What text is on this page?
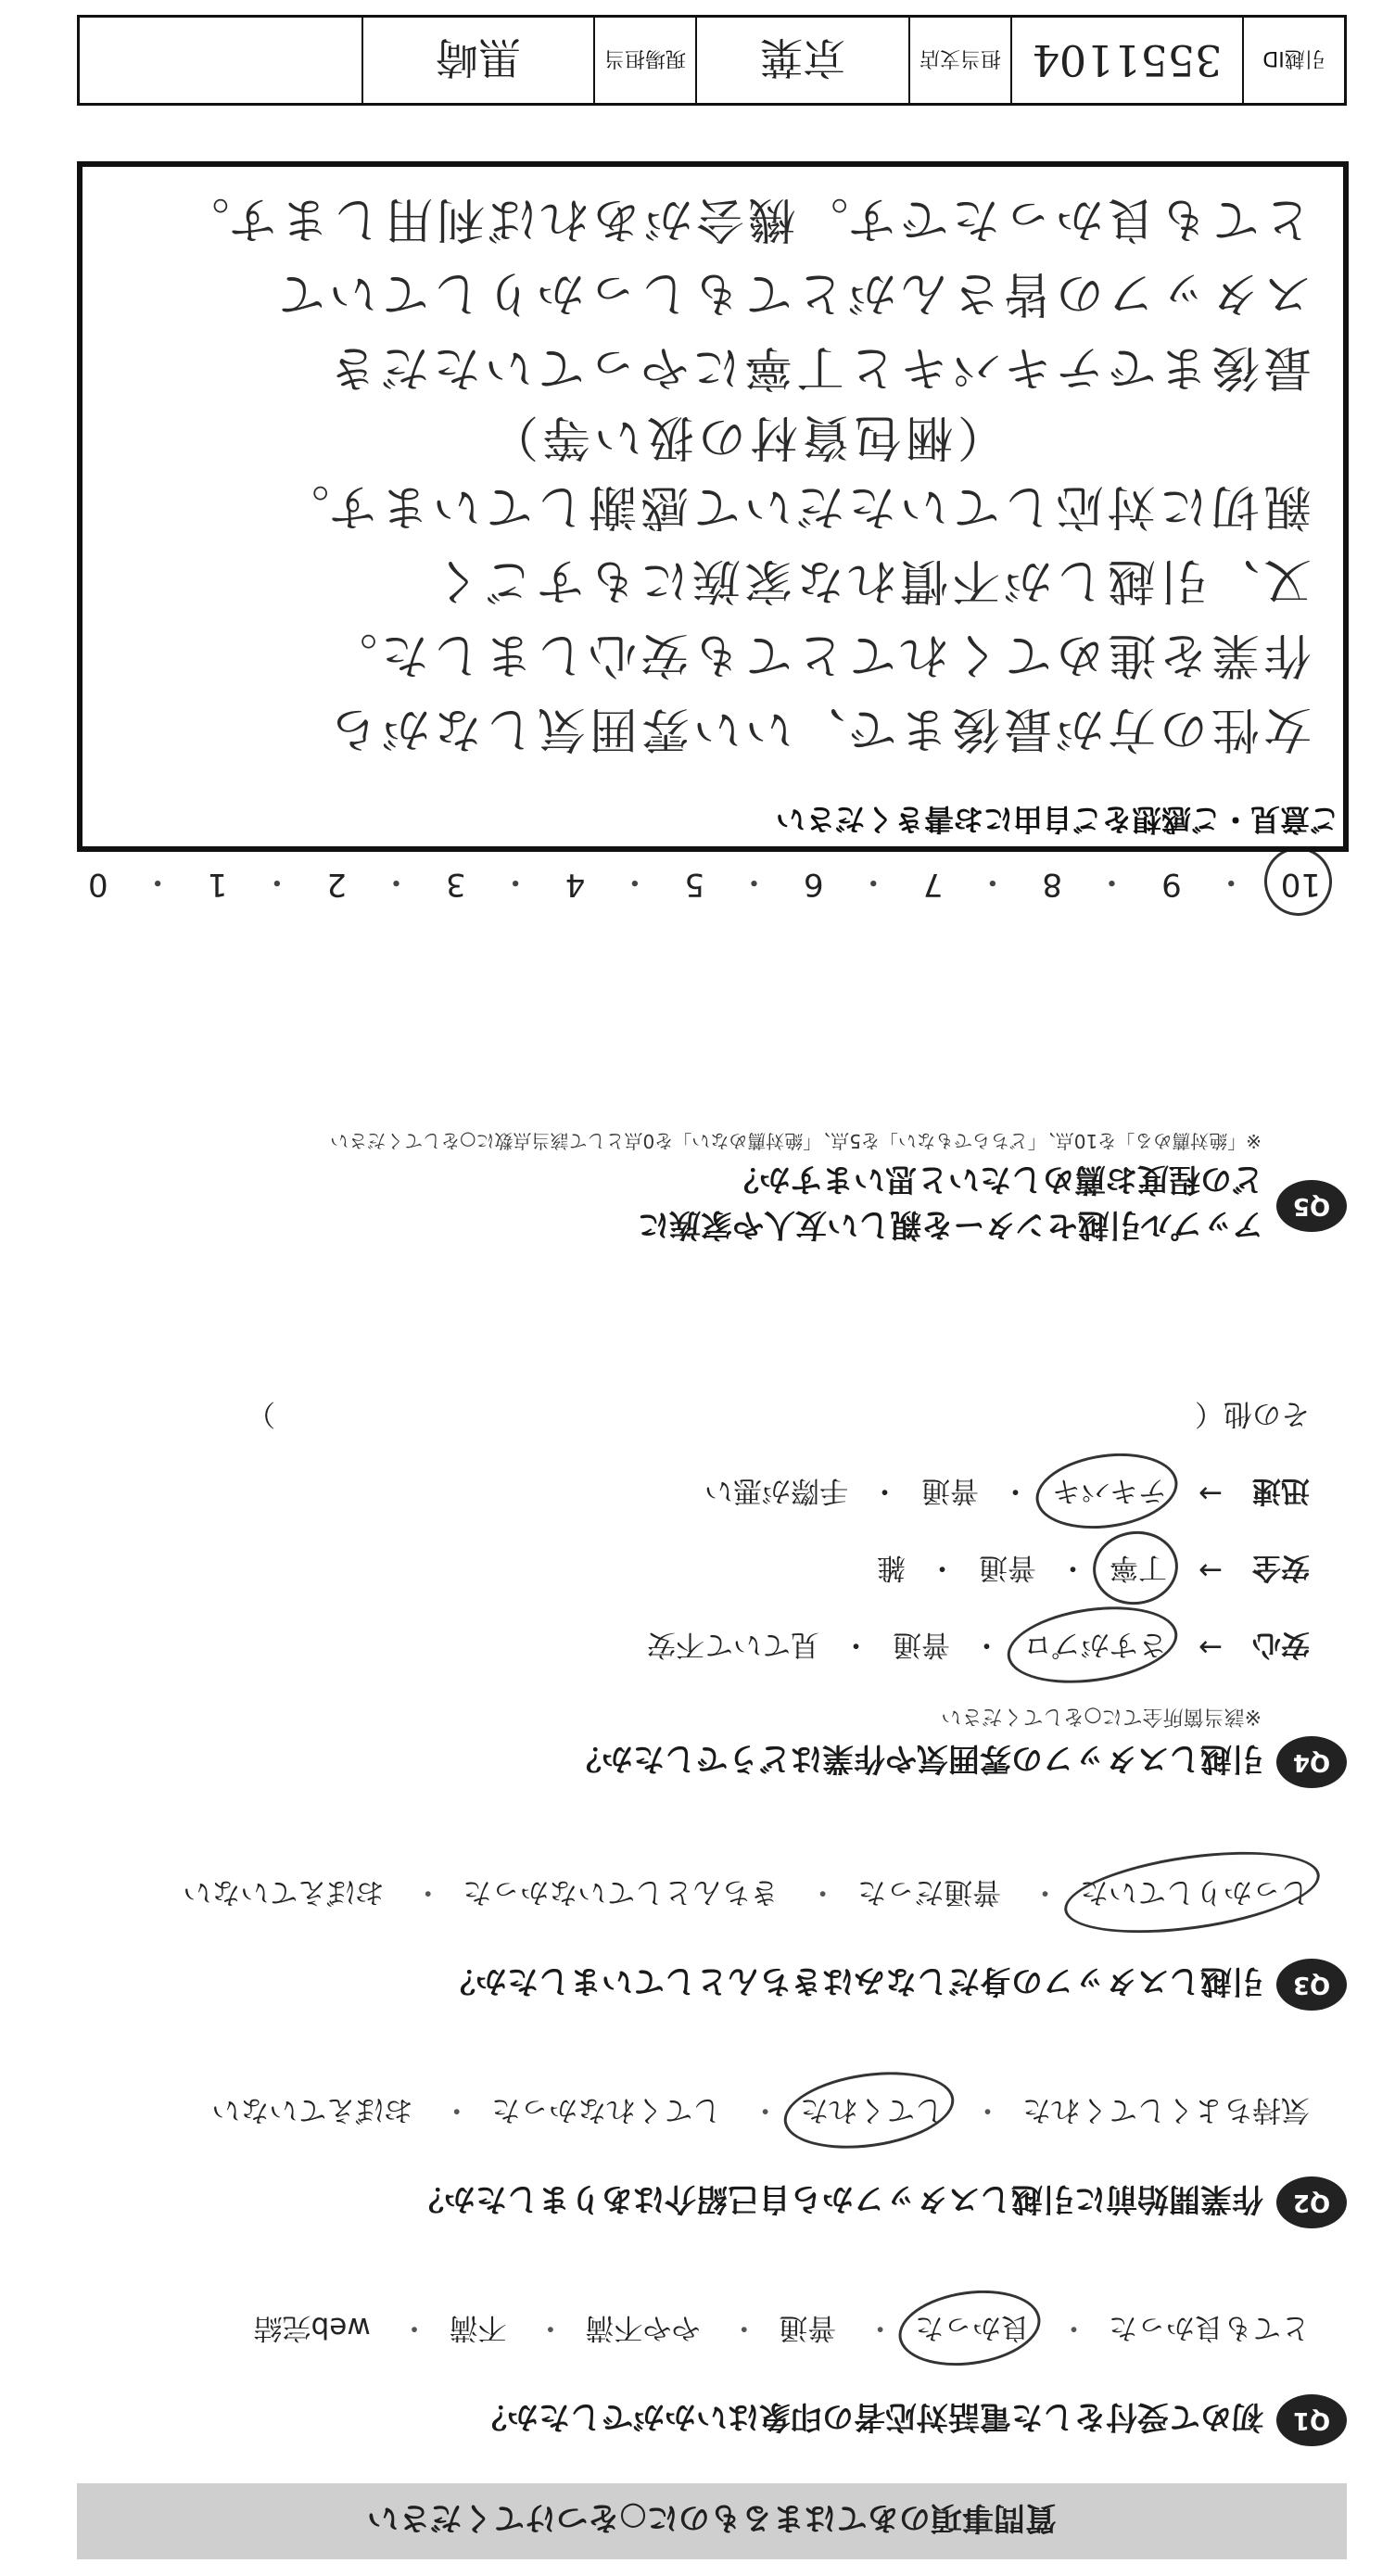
質問事項のあてはまるものに○をつけてください
Q1
初めて受付をした電話対応者の印象はいかがでしたか？
とても良かった・ 良かった・ 普通・ やや不満・ 不満・ web完結
Q2
作業開始前に引越しスタッフから自己紹介はありましたか？
気持ちよくしてくれた・ してくれた・ してくれなかった・ おぼえていない
Q3
引越しスタッフの身だしなみはきちんとしていましたか？
しっかりしていた・ 普通だった・ きちんとしていなかった・ おぼえていない
Q4
引越しスタッフの雰囲気や作業はどうでしたか？
※該当箇所全てに○をしてください
安心
→
さすがプロ
・
普通
・
見ていて不安
安全
→
丁寧
・
普通
・
雑
迅速
→
テキパキ
・
普通
・
手際が悪い
その他（　　　　　　　　　　　　　　　　　　　　　　　　　　　　　　　　）
Q5
アップル引越センターを親しい友人や家族に
どの程度お薦めしたいと思いますか？
※「絶対薦める」を10点、「どちらでもない」を5点、「絶対薦めない」を0点として該当点数に○をしてください
10
・
9
・
8
・
7
・
6
・
5
・
4
・
3
・
2
・
1
・
0
ご意見・ご感想をご自由にお書きください
女性の方が最後まで、いい雰囲気しながら
作業を進めてくれてとても安心しました。
又、引越しが不慣れな家族にもすごく
親切に対応していただいて感謝しています。
（梱包資材の扱い等）
最後までテキパキと丁寧にやっていただき
スタッフの皆さんがとてもしっかりしていて
とても良かったです。機会があれば利用します。
引越ID
3551104
担当支店
京葉
現場担当
黒崎
